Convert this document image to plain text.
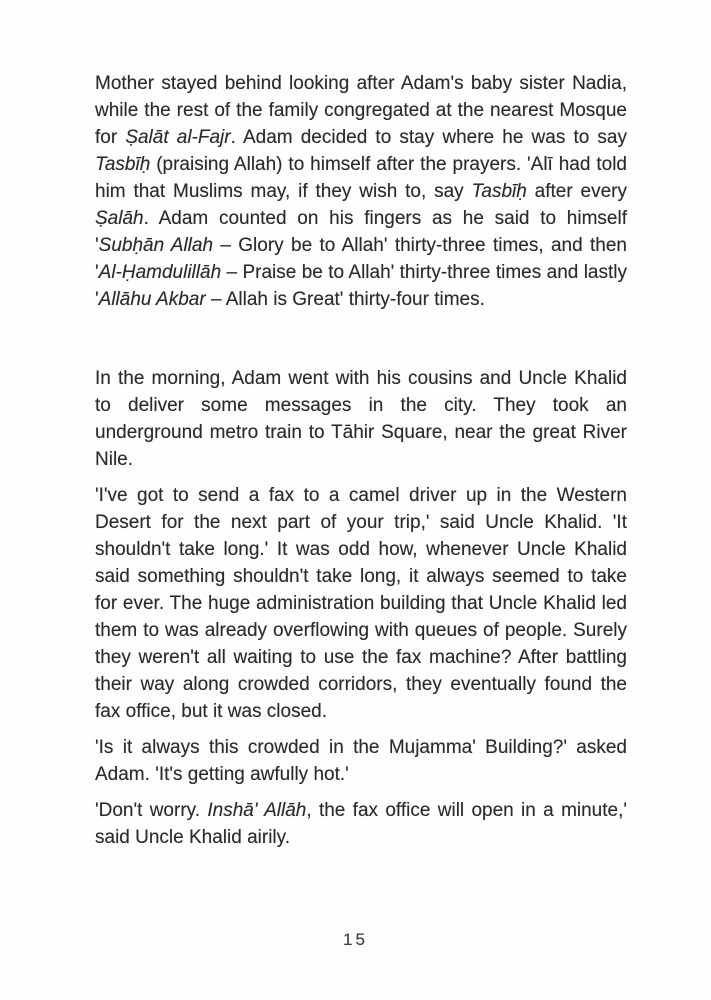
Mother stayed behind looking after Adam's baby sister Nadia, while the rest of the family congregated at the nearest Mosque for Ṣalāt al-Fajr. Adam decided to stay where he was to say Tasbīḥ (praising Allah) to himself after the prayers. 'Alī had told him that Muslims may, if they wish to, say Tasbīḥ after every Ṣalāh. Adam counted on his fingers as he said to himself 'Subḥān Allah – Glory be to Allah' thirty-three times, and then 'Al-Ḥamdulillāh – Praise be to Allah' thirty-three times and lastly 'Allāhu Akbar – Allah is Great' thirty-four times.

In the morning, Adam went with his cousins and Uncle Khalid to deliver some messages in the city. They took an underground metro train to Tāhir Square, near the great River Nile.

'I've got to send a fax to a camel driver up in the Western Desert for the next part of your trip,' said Uncle Khalid. 'It shouldn't take long.' It was odd how, whenever Uncle Khalid said something shouldn't take long, it always seemed to take for ever. The huge administration building that Uncle Khalid led them to was already overflowing with queues of people. Surely they weren't all waiting to use the fax machine? After battling their way along crowded corridors, they eventually found the fax office, but it was closed.

'Is it always this crowded in the Mujamma' Building?' asked Adam. 'It's getting awfully hot.'

'Don't worry. Inshā' Allāh, the fax office will open in a minute,' said Uncle Khalid airily.

15
